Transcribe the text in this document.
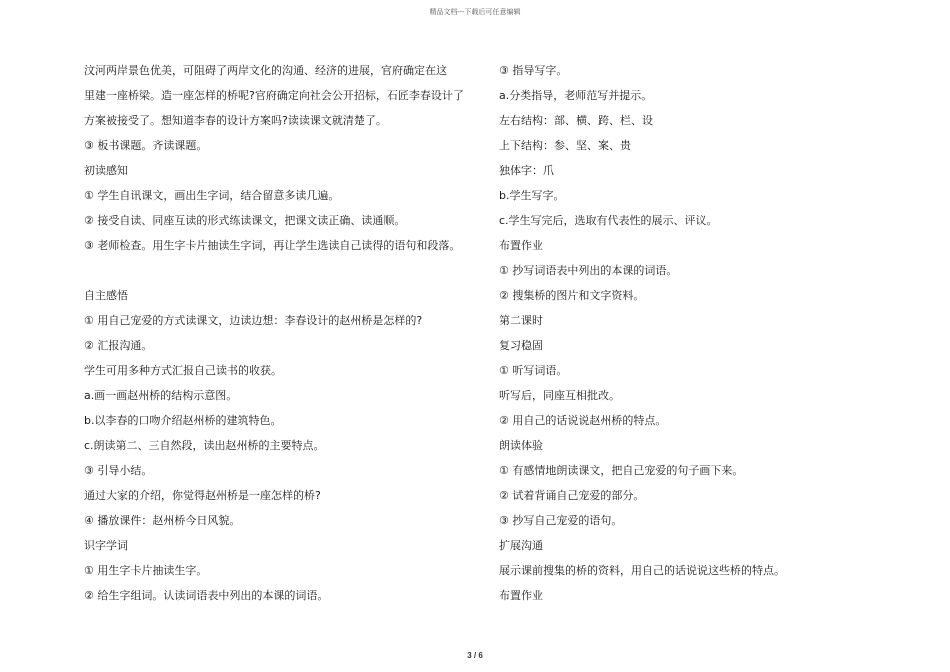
精品文档---下载后可任意编辑
汶河两岸景色优美，可阻碍了两岸文化的沟通、经济的进展，官府确定在这
里建一座桥梁。造一座怎样的桥呢?官府确定向社会公开招标，石匠李春设计了
方案被接受了。想知道李春的设计方案吗?读读课文就清楚了。
③ 板书课题。齐读课题。
初读感知
① 学生自讯课文，画出生字词，结合留意多读几遍。
② 接受自读、同座互读的形式练读课文，把课文读正确、读通顺。
③ 老师检查。用生字卡片抽读生字词，再让学生选读自己读得的语句和段落。
自主感悟
① 用自己宠爱的方式读课文，边读边想：李春设计的赵州桥是怎样的?
② 汇报沟通。
学生可用多种方式汇报自己读书的收获。
a.画一画赵州桥的结构示意图。
b.以李春的口吻介绍赵州桥的建筑特色。
c.朗读第二、三自然段，读出赵州桥的主要特点。
③ 引导小结。
通过大家的介绍，你觉得赵州桥是一座怎样的桥?
④ 播放课件：赵州桥今日风貌。
识字学词
① 用生字卡片抽读生字。
② 给生字组词。认读词语表中列出的本课的词语。
③ 指导写字。
a.分类指导，老师范写并提示。
左右结构：部、横、跨、栏、设
上下结构：参、坚、案、贵
独体字：爪
b.学生写字。
c.学生写完后，选取有代表性的展示、评议。
布置作业
① 抄写词语表中列出的本课的词语。
② 搜集桥的图片和文字资料。
第二课时
复习稳固
① 听写词语。
听写后，同座互相批改。
② 用自己的话说说赵州桥的特点。
朗读体验
① 有感情地朗读课文，把自己宠爱的句子画下来。
② 试着背诵自己宠爱的部分。
③ 抄写自己宠爱的语句。
扩展沟通
展示课前搜集的桥的资料，用自己的话说说这些桥的特点。
布置作业
3 / 6
